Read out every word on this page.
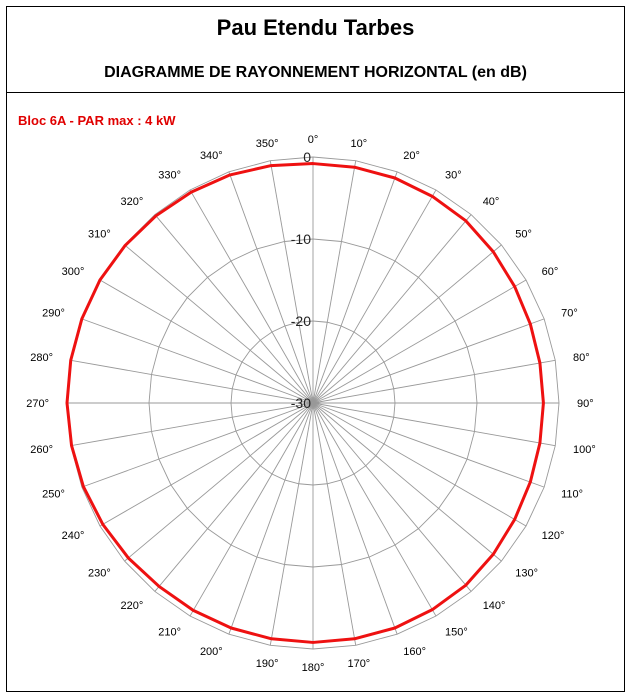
Pau Etendu Tarbes
DIAGRAMME DE RAYONNEMENT HORIZONTAL (en dB)
Bloc 6A - PAR max : 4 kW
0
-10
-20
-30
0°	10°
20°
30°
40°
50°
60°
70°
80°
90°
100°
110°
120°
130°
140°
150°
160°
170°
180°
190°
200°
210°
220°
230°
240°
250°
260°
270°
280°
290°
300°
310°
320°
330°
340°
350°
